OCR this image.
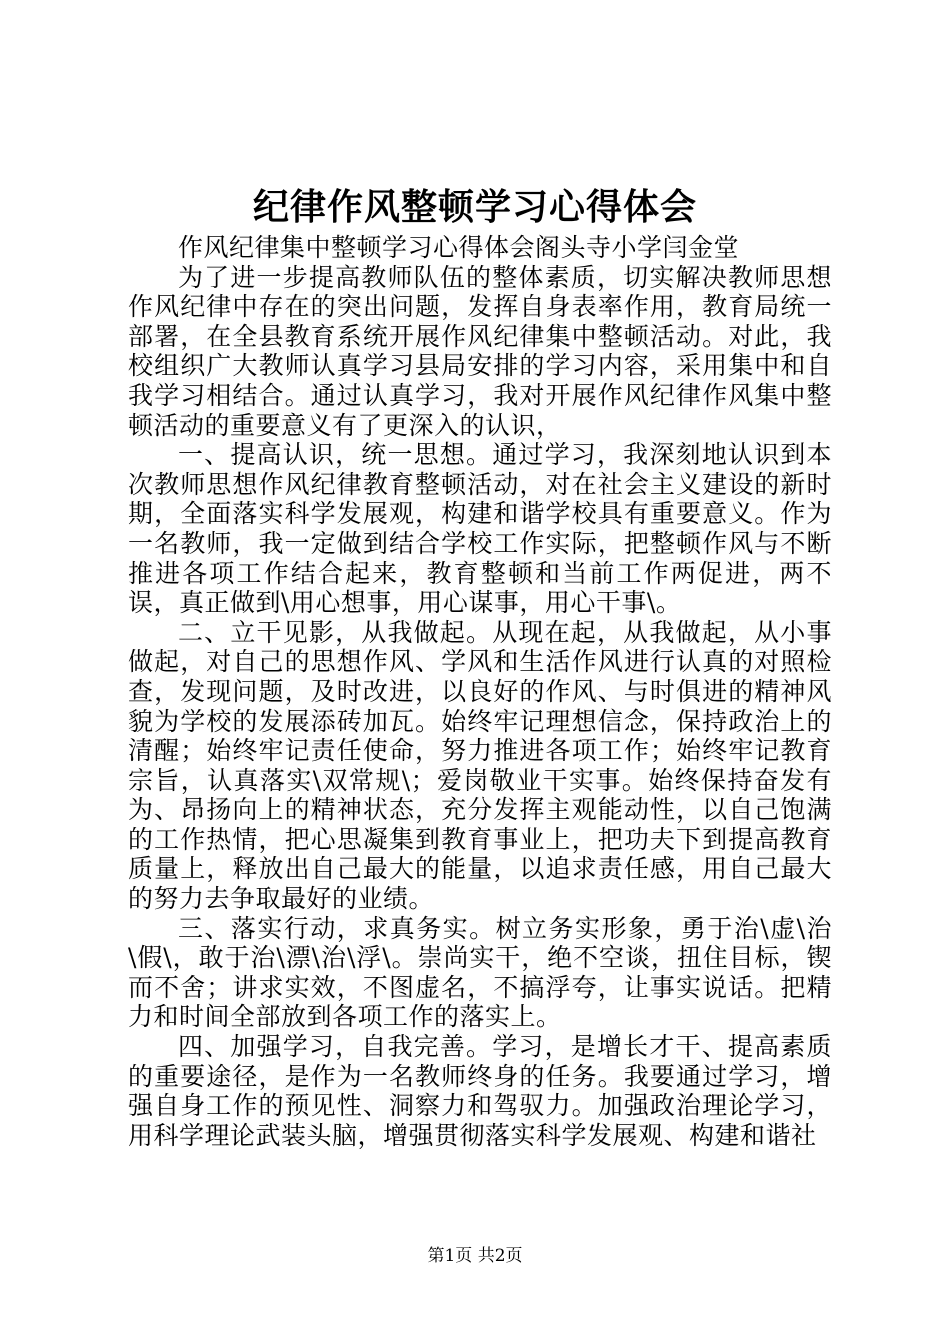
纪律作风整顿学习心得体会

作风纪律集中整顿学习心得体会阁头寺小学闫金堂

为了进一步提高教师队伍的整体素质，切实解决教师思想作风纪律中存在的突出问题，发挥自身表率作用，教育局统一部署，在全县教育系统开展作风纪律集中整顿活动。对此，我校组织广大教师认真学习县局安排的学习内容，采用集中和自我学习相结合。通过认真学习，我对开展作风纪律作风集中整顿活动的重要意义有了更深入的认识，

一、提高认识，统一思想。通过学习，我深刻地认识到本次教师思想作风纪律教育整顿活动，对在社会主义建设的新时期，全面落实科学发展观，构建和谐学校具有重要意义。作为一名教师，我一定做到结合学校工作实际，把整顿作风与不断推进各项工作结合起来，教育整顿和当前工作两促进，两不误，真正做到\用心想事，用心谋事，用心干事\。

二、立干见影，从我做起。从现在起，从我做起，从小事做起，对自己的思想作风、学风和生活作风进行认真的对照检查，发现问题，及时改进，以良好的作风、与时俱进的精神风貌为学校的发展添砖加瓦。始终牢记理想信念，保持政治上的清醒；始终牢记责任使命，努力推进各项工作；始终牢记教育宗旨，认真落实\双常规\；爱岗敬业干实事。始终保持奋发有为、昂扬向上的精神状态，充分发挥主观能动性，以自己饱满的工作热情，把心思凝集到教育事业上，把功夫下到提高教育质量上，释放出自己最大的能量，以追求责任感，用自己最大的努力去争取最好的业绩。

三、落实行动，求真务实。树立务实形象，勇于治\虚\治\假\，敢于治\漂\治\浮\。崇尚实干，绝不空谈，扭住目标，锲而不舍；讲求实效，不图虚名，不搞浮夸，让事实说话。把精力和时间全部放到各项工作的落实上。

四、加强学习，自我完善。学习，是增长才干、提高素质的重要途径，是作为一名教师终身的任务。我要通过学习，增强自身工作的预见性、洞察力和驾驭力。加强政治理论学习，用科学理论武装头脑，增强贯彻落实科学发展观、构建和谐社

第1页 共2页
